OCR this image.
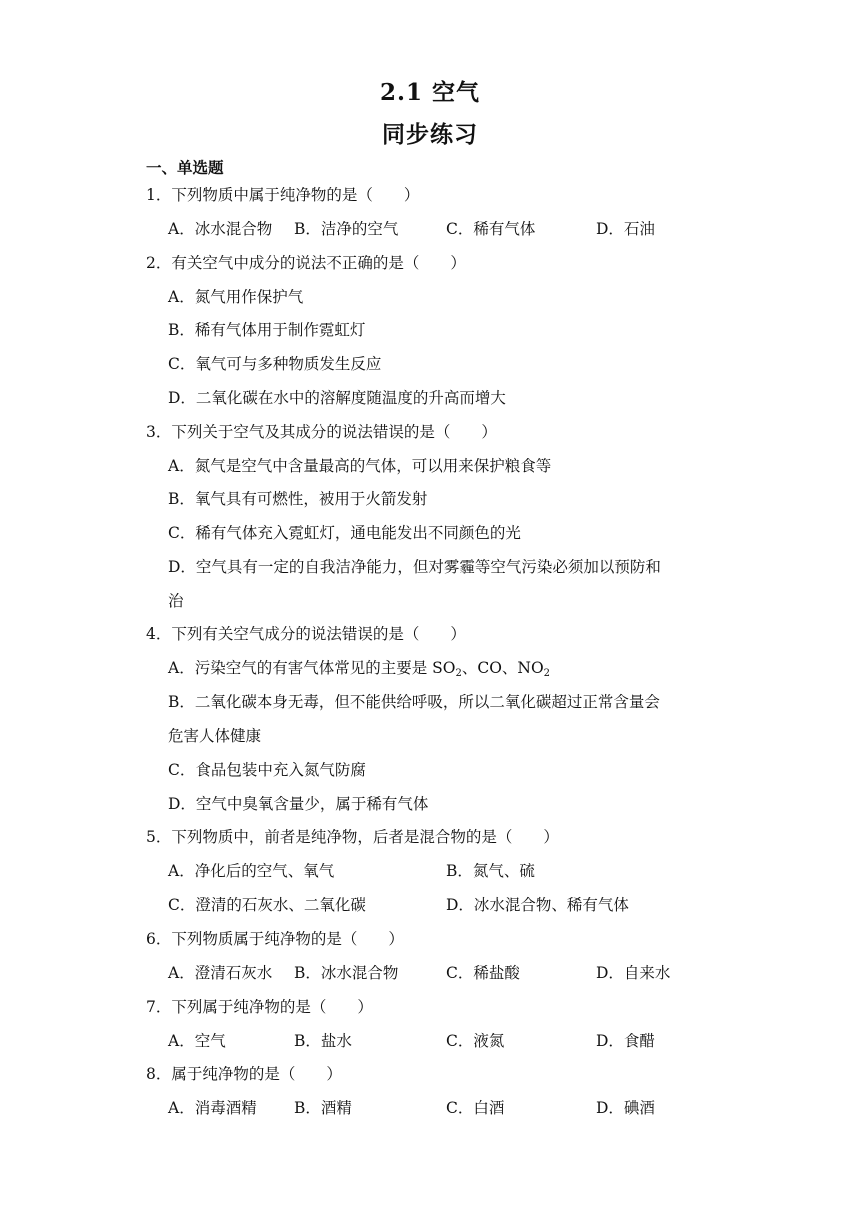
2.1 空气
同步练习
一、单选题
1．下列物质中属于纯净物的是（　　）
A．冰水混合物 B．洁净的空气	C．稀有气体	D．石油
2．有关空气中成分的说法不正确的是（　　）
A．氮气用作保护气
B．稀有气体用于制作霓虹灯
C．氧气可与多种物质发生反应
D．二氧化碳在水中的溶解度随温度的升高而增大
3．下列关于空气及其成分的说法错误的是（　　）
A．氮气是空气中含量最高的气体，可以用来保护粮食等
B．氧气具有可燃性，被用于火箭发射
C．稀有气体充入霓虹灯，通电能发出不同颜色的光
D．空气具有一定的自我洁净能力，但对雾霾等空气污染必须加以预防和
治
4．下列有关空气成分的说法错误的是（　　）
A．污染空气的有害气体常见的主要是 $SO_2$、CO、$NO_2$
B．二氧化碳本身无毒，但不能供给呼吸，所以二氧化碳超过正常含量会
危害人体健康
C．食品包装中充入氮气防腐
D．空气中臭氧含量少，属于稀有气体
5．下列物质中，前者是纯净物，后者是混合物的是（　　）
A．净化后的空气、氧气	B．氮气、硫
C．澄清的石灰水、二氧化碳	D．冰水混合物、稀有气体
6．下列物质属于纯净物的是（　　）
A．澄清石灰水 B．冰水混合物	C．稀盐酸	D．自来水
7．下列属于纯净物的是（　　）
A．空气	B．盐水	C．液氮	D．食醋
8．属于纯净物的是（　　）
A．消毒酒精 B．酒精	C．白酒	D．碘酒
